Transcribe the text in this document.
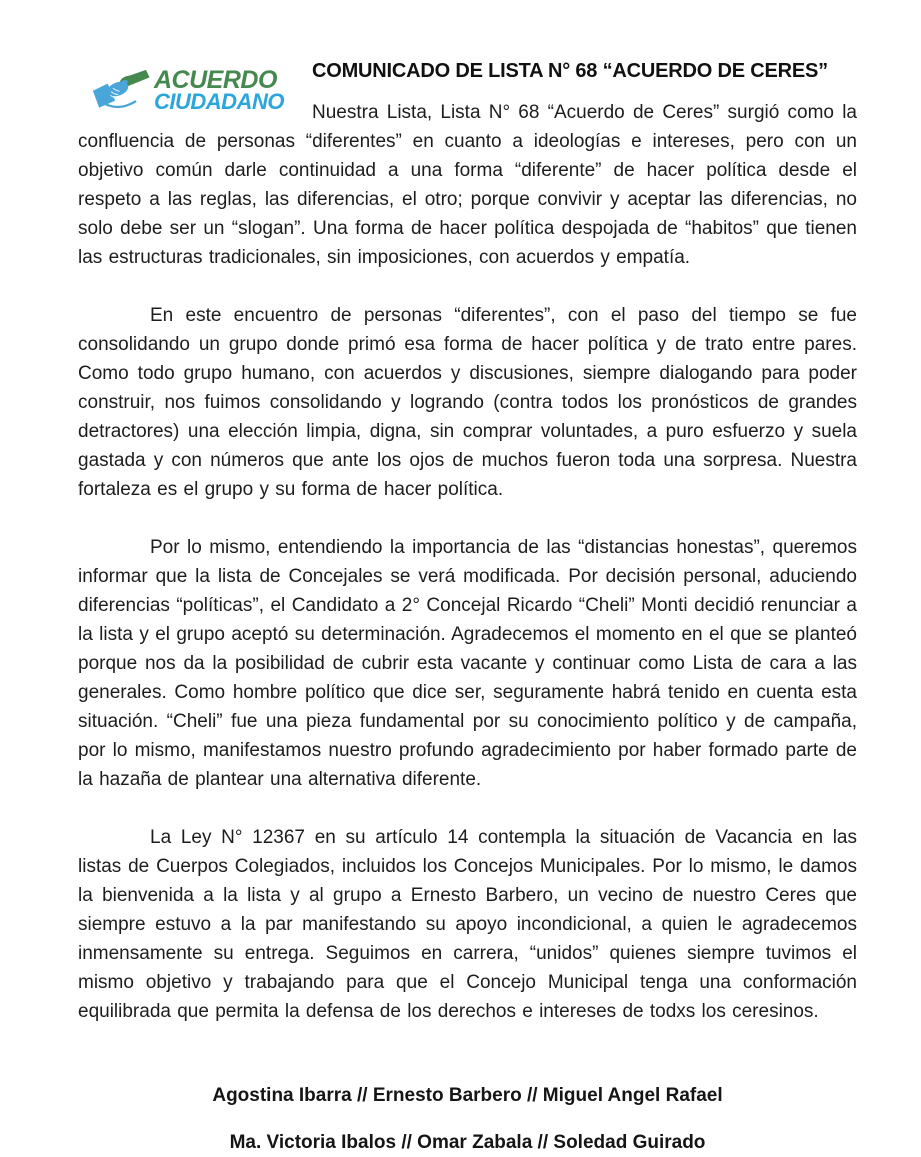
ACUERDO
CIUDADANO
COMUNICADO DE LISTA N° 68 “ACUERDO DE CERES”

Nuestra Lista, Lista N° 68 “Acuerdo de Ceres” surgió como la confluencia de personas “diferentes” en cuanto a ideologías e intereses, pero con un objetivo común darle continuidad a una forma “diferente” de hacer política desde el respeto a las reglas, las diferencias, el otro; porque convivir y aceptar las diferencias, no solo debe ser un “slogan”. Una forma de hacer política despojada de “habitos” que tienen las estructuras tradicionales, sin imposiciones, con acuerdos y empatía.

En este encuentro de personas “diferentes”, con el paso del tiempo se fue consolidando un grupo donde primó esa forma de hacer política y de trato entre pares. Como todo grupo humano, con acuerdos y discusiones, siempre dialogando para poder construir, nos fuimos consolidando y logrando (contra todos los pronósticos de grandes detractores) una elección limpia, digna, sin comprar voluntades, a puro esfuerzo y suela gastada y con números que ante los ojos de muchos fueron toda una sorpresa. Nuestra fortaleza es el grupo y su forma de hacer política.

Por lo mismo, entendiendo la importancia de las “distancias honestas”, queremos informar que la lista de Concejales se verá modificada. Por decisión personal, aduciendo diferencias “políticas”, el Candidato a 2° Concejal Ricardo “Cheli” Monti decidió renunciar a la lista y el grupo aceptó su determinación. Agradecemos el momento en el que se planteó porque nos da la posibilidad de cubrir esta vacante y continuar como Lista de cara a las generales. Como hombre político que dice ser, seguramente habrá tenido en cuenta esta situación. “Cheli” fue una pieza fundamental por su conocimiento político y de campaña, por lo mismo, manifestamos nuestro profundo agradecimiento por haber formado parte de la hazaña de plantear una alternativa diferente.

La Ley N° 12367 en su artículo 14 contempla la situación de Vacancia en las listas de Cuerpos Colegiados, incluidos los Concejos Municipales. Por lo mismo, le damos la bienvenida a la lista y al grupo a Ernesto Barbero, un vecino de nuestro Ceres que siempre estuvo a la par manifestando su apoyo incondicional, a quien le agradecemos inmensamente su entrega. Seguimos en carrera, “unidos” quienes siempre tuvimos el mismo objetivo y trabajando para que el Concejo Municipal tenga una conformación equilibrada que permita la defensa de los derechos e intereses de todxs los ceresinos.

Agostina Ibarra // Ernesto Barbero // Miguel Angel Rafael
Ma. Victoria Ibalos // Omar Zabala // Soledad Guirado
